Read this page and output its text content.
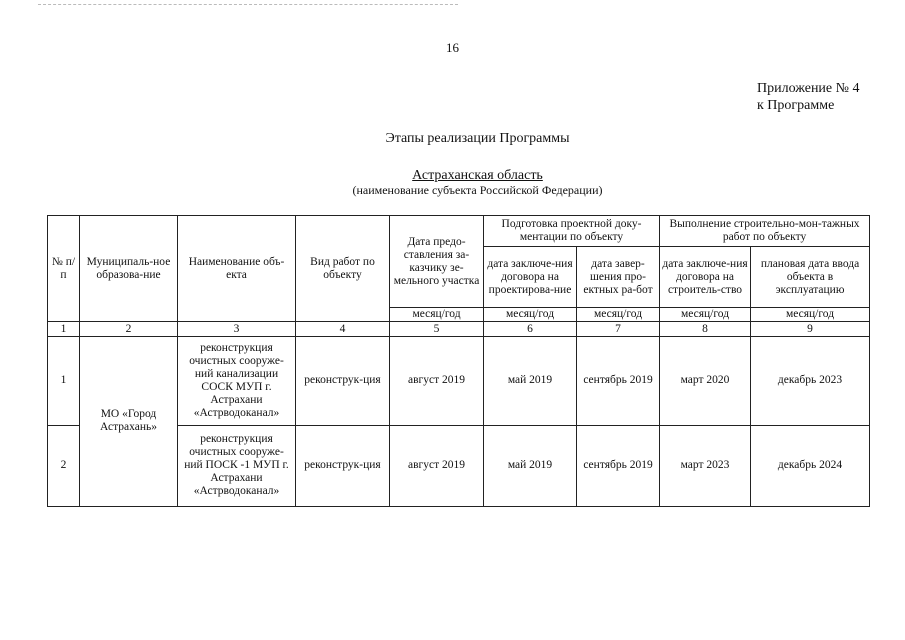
16
Приложение № 4
к Программе
Этапы реализации Программы
Астраханская область
(наименование субъекта Российской Федерации)
№ п/п	Муниципаль-ное образова-ние	Наименование объ-екта	Вид работ по объекту	Дата предо-ставления за-казчику зе-мельного участка	Подготовка проектной доку-ментации по объекту		Выполнение строительно-мон-тажных работ по объекту	
					дата заключе-ния договора на проектирова-ние	дата завер-шения про-ектных ра-бот	дата заключе-ния договора на строитель-ство	плановая дата ввода объекта в эксплуатацию
				месяц/год	месяц/год	месяц/год	месяц/год	месяц/год
1	2	3	4	5	6	7	8	9
1	МО «Город Астрахань»	реконструкция очистных сооруже-ний канализации СОСК МУП г. Астрахани «Астрводоканал»	реконструк-ция	август 2019	май 2019	сентябрь 2019	март 2020	декабрь 2023
2		реконструкция очистных сооруже-ний ПОСК -1 МУП г. Астрахани «Астрводоканал»	реконструк-ция	август 2019	май 2019	сентябрь 2019	март 2023	декабрь 2024
